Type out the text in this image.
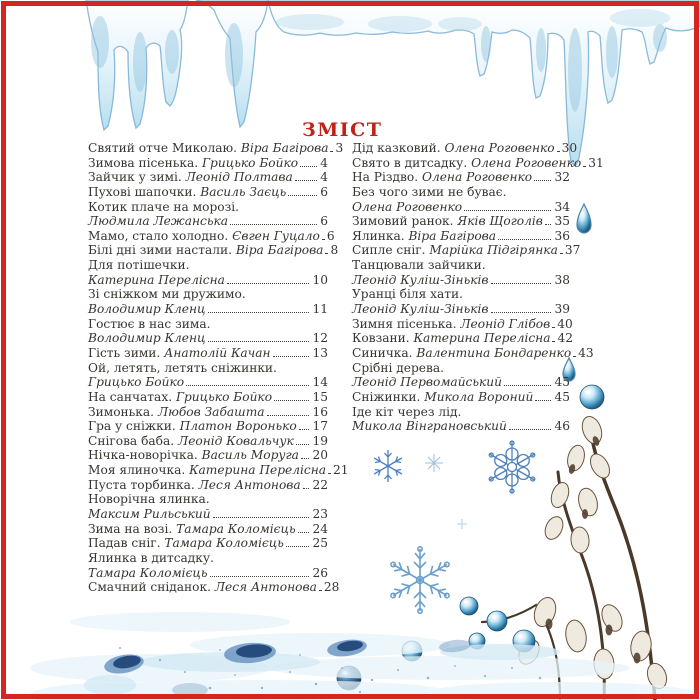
ЗМІСТ
Святий отче Миколаю. Віра Багірова 3
Зимова пісенька. Грицько Бойко 4
Зайчик у зимі. Леонід Полтава 4
Пухові шапочки. Василь Заєць	6
Котик плаче на морозі.
Людмила Лежанська	6
Мамо, стало холодно. Євген Гуцало 6
Білі дні зими настали. Віра Багірова 8
Для потішечки.
Катерина Перелісна	10
Зі сніжком ми дружимо.
Володимир Кленц	11
Гостює в нас зима.
Володимир Кленц	12
Гість зими. Анатолій Качан	13
Ой, летять, летять сніжинки.
Грицько Бойко	14
На санчатах. Грицько Бойко	15
Зимонька. Любов Забашта	16
Гра у сніжки. Платон Воронько 17
Снігова баба. Леонід Ковальчук 19
Нічка-новорічка. Василь Моруга 20
Моя ялиночка. Катерина Перелісна 21
Пуста торбинка. Леся Антонова 22
Новорічна ялинка.
Максим Рильський	23
Зима на возі. Тамара Коломієць 24
Падав сніг. Тамара Коломієць 25
Ялинка в дитсадку.
Тамара Коломієць	26
Смачний сніданок. Леся Антонова 28
Дід казковий. Олена Роговенко 30
Свято в дитсадку. Олена Роговенко 31
На Різдво. Олена Роговенко 32
Без чого зими не буває.
Олена Роговенко	34
Зимовий ранок. Яків Щоголів 35
Ялинка. Віра Багірова	36
Сипле сніг. Марійка Підгірянка 37
Танцювали зайчики.
Леонід Куліш-Зіньків	38
Уранці біля хати.
Леонід Куліш-Зіньків	39
Зимня пісенька. Леонід Глібов 40
Ковзани. Катерина Перелісна 42
Синичка. Валентина Бондаренко 43
Срібні дерева.
Леонід Первомайський	45
Сніжинки. Микола Вороний 45
Іде кіт через лід.
Микола Вінграновський	46
